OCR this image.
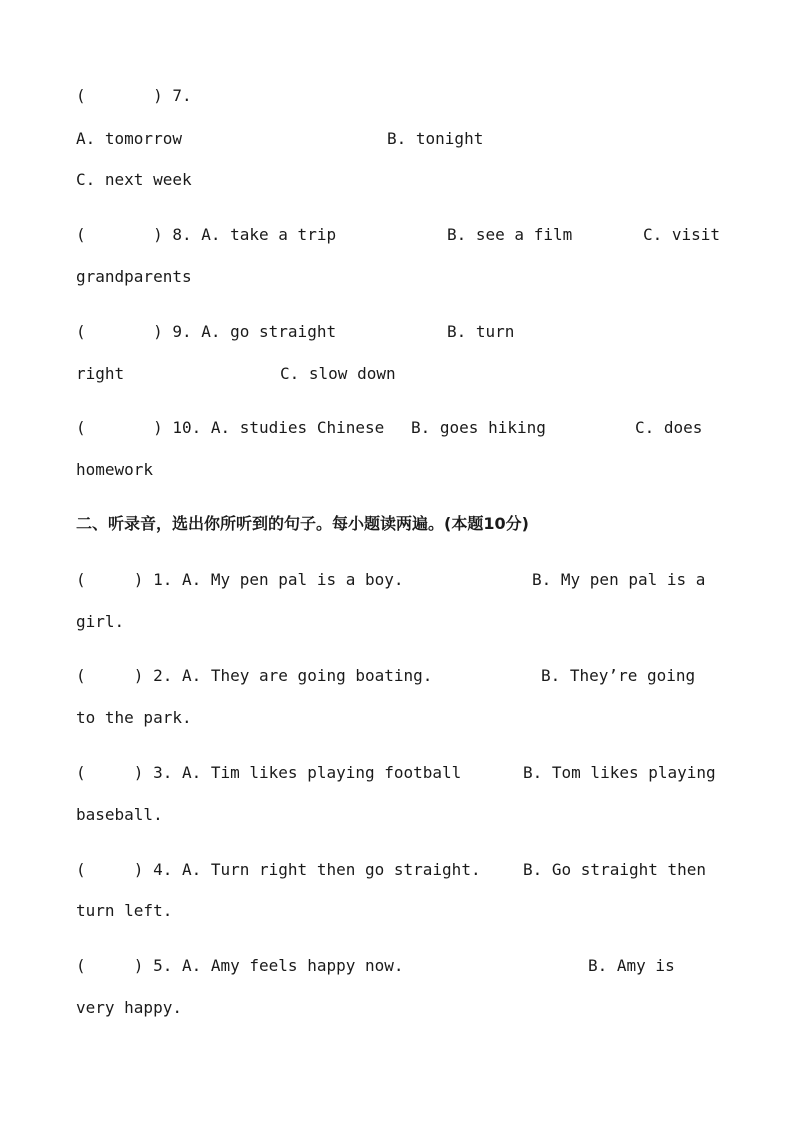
(       ) 7.
A. tomorrow	B. tonight
C. next week
(       ) 8. A. take a trip	B. see a film	C. visit
grandparents
(       ) 9. A. go straight	B. turn
right	C. slow down
(       ) 10. A. studies Chinese B. goes hiking	C. does
homework
二、听录音，选出你所听到的句子。每小题读两遍。(本题10分)
(     ) 1. A. My pen pal is a boy.	B. My pen pal is a
girl.
(     ) 2. A. They are going boating.	B. They’re going
to the park.
(     ) 3. A. Tim likes playing football	B. Tom likes playing
baseball.
(     ) 4. A. Turn right then go straight.	B. Go straight then
turn left.
(     ) 5. A. Amy feels happy now.	B. Amy is
very happy.
